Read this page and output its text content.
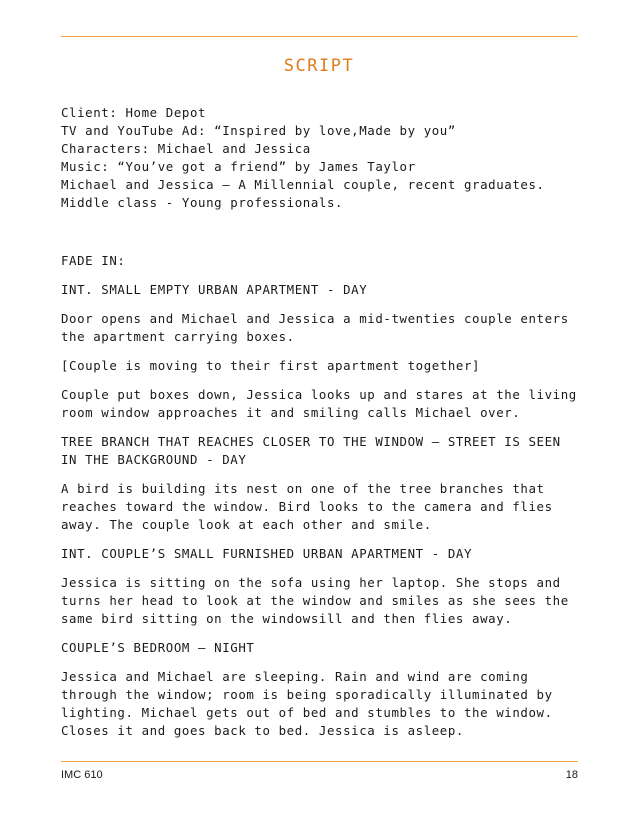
SCRIPT

Client: Home Depot

TV and YouTube Ad: “Inspired by love,Made by you”

Characters: Michael and Jessica

Music: “You’ve got a friend” by James Taylor

Michael and Jessica – A Millennial couple, recent graduates. Middle class - Young professionals.

FADE IN:

INT. SMALL EMPTY URBAN APARTMENT - DAY

Door opens and Michael and Jessica a mid-twenties couple enters the apartment carrying boxes.

[Couple is moving to their first apartment together]

Couple put boxes down, Jessica looks up and stares at the living room window approaches it and smiling calls Michael over.

TREE BRANCH THAT REACHES CLOSER TO THE WINDOW – STREET IS SEEN IN THE BACKGROUND - DAY

A bird is building its nest on one of the tree branches that reaches toward the window. Bird looks to the camera and flies away. The couple look at each other and smile.

INT. COUPLE’S SMALL FURNISHED URBAN APARTMENT - DAY

Jessica is sitting on the sofa using her laptop. She stops and turns her head to look at the window and smiles as she sees the same bird sitting on the windowsill and then flies away.

COUPLE’S BEDROOM – NIGHT

Jessica and Michael are sleeping. Rain and wind are coming through the window; room is being sporadically illuminated by lighting. Michael gets out of bed and stumbles to the window. Closes it and goes back to bed. Jessica is asleep.

IMC 610	18
